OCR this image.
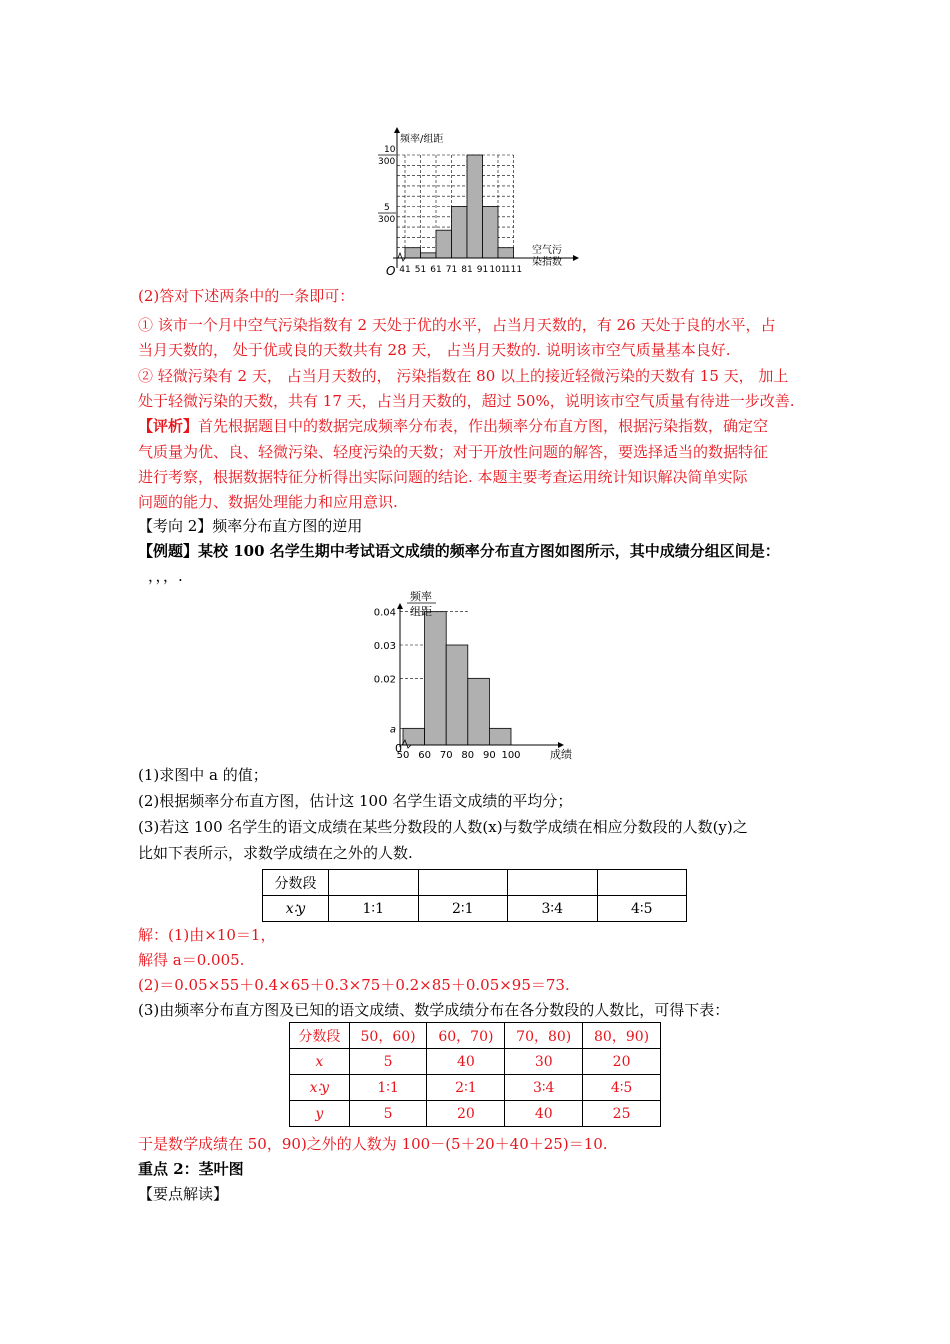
频率/组距
10
300
5
300
O
空气污
染指数
41 51 61 71 81 91 101
111
(2)答对下述两条中的一条即可：
① 该市一个月中空气污染指数有 2 天处于优的水平，占当月天数的，有 26 天处于良的水平，占
当月天数的， 处于优或良的天数共有 28 天， 占当月天数的. 说明该市空气质量基本良好.
② 轻微污染有 2 天， 占当月天数的， 污染指数在 80 以上的接近轻微污染的天数有 15 天， 加上
处于轻微污染的天数，共有 17 天，占当月天数的，超过 50%，说明该市空气质量有待进一步改善.
【评析】首先根据题目中的数据完成频率分布表，作出频率分布直方图，根据污染指数，确定空
气质量为优、良、轻微污染、轻度污染的天数；对于开放性问题的解答，要选择适当的数据特征
进行考察，根据数据特征分析得出实际问题的结论. 本题主要考查运用统计知识解决简单实际
问题的能力、数据处理能力和应用意识.
【考向 2】频率分布直方图的逆用
【例题】某校 100 名学生期中考试语文成绩的频率分布直方图如图所示，其中成绩分组区间是：
，，，.
a
0.02
0.03
0.04
50 60 70 80 90 100
频率
组距
0	成绩
(1)求图中 a 的值；
(2)根据频率分布直方图，估计这 100 名学生语文成绩的平均分；
(3)若这 100 名学生的语文成绩在某些分数段的人数(x)与数学成绩在相应分数段的人数(y)之
比如下表所示，求数学成绩在之外的人数.
分数段				
x∶y	1∶1	2∶1	3∶4	4∶5
解：(1)由×10＝1，
解得 a＝0.005.
(2)＝0.05×55＋0.4×65＋0.3×75＋0.2×85＋0.05×95＝73.
(3)由频率分布直方图及已知的语文成绩、数学成绩分布在各分数段的人数比，可得下表：
分数段	50，60)	60，70)	70，80)	80，90)
x	5	40	30	20
x∶y	1∶1	2∶1	3∶4	4∶5
y	5	20	40	25
于是数学成绩在 50，90)之外的人数为 100－(5＋20＋40＋25)＝10.
重点 2：茎叶图
【要点解读】
